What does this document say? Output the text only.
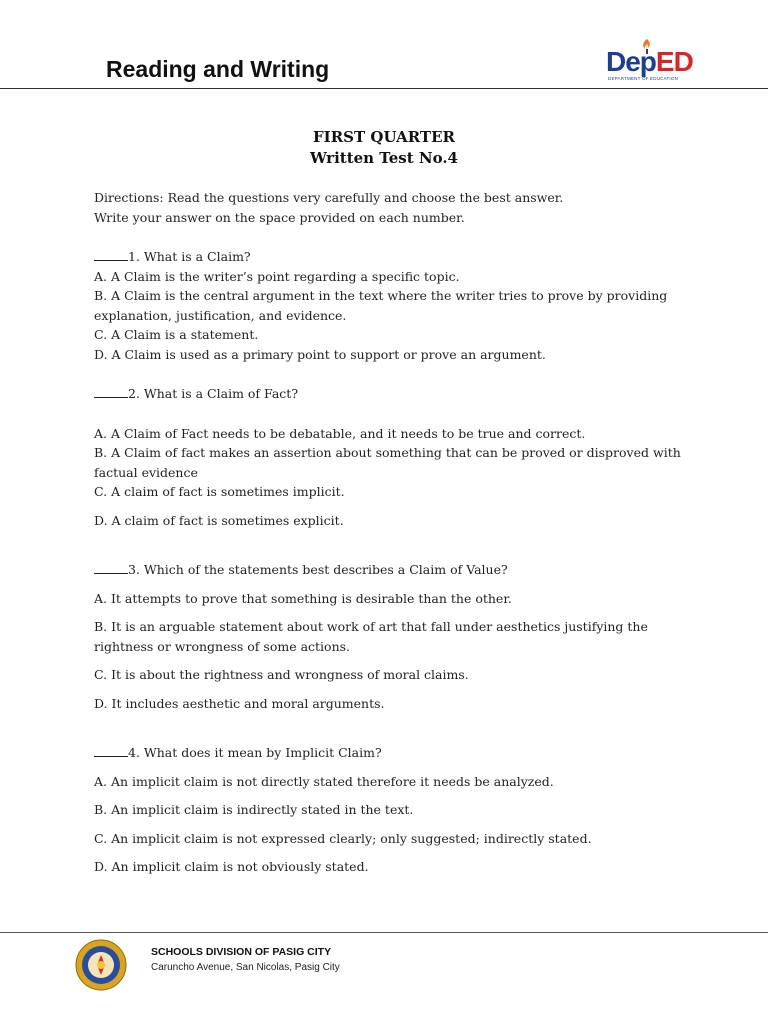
Reading and Writing	DepED
DEPARTMENT OF EDUCATION

FIRST QUARTER

Written Test No.4

Directions: Read the questions very carefully and choose the best answer.

Write your answer on the space provided on each number.

1. What is a Claim?

A. A Claim is the writer’s point regarding a specific topic.

B. A Claim is the central argument in the text where the writer tries to prove by providing explanation, justification, and evidence.

C. A Claim is a statement.

D. A Claim is used as a primary point to support or prove an argument.

2. What is a Claim of Fact?

A. A Claim of Fact needs to be debatable, and it needs to be true and correct.

B. A Claim of fact makes an assertion about something that can be proved or disproved with factual evidence

C. A claim of fact is sometimes implicit.

D. A claim of fact is sometimes explicit.

3. Which of the statements best describes a Claim of Value?

A. It attempts to prove that something is desirable than the other.

B. It is an arguable statement about work of art that fall under aesthetics justifying the rightness or wrongness of some actions.

C. It is about the rightness and wrongness of moral claims.

D. It includes aesthetic and moral arguments.

4. What does it mean by Implicit Claim?

A. An implicit claim is not directly stated therefore it needs be analyzed.

B. An implicit claim is indirectly stated in the text.

C. An implicit claim is not expressed clearly; only suggested; indirectly stated.

D. An implicit claim is not obviously stated.

SCHOOLS DIVISION OF PASIG CITY

Caruncho Avenue, San Nicolas, Pasig City
